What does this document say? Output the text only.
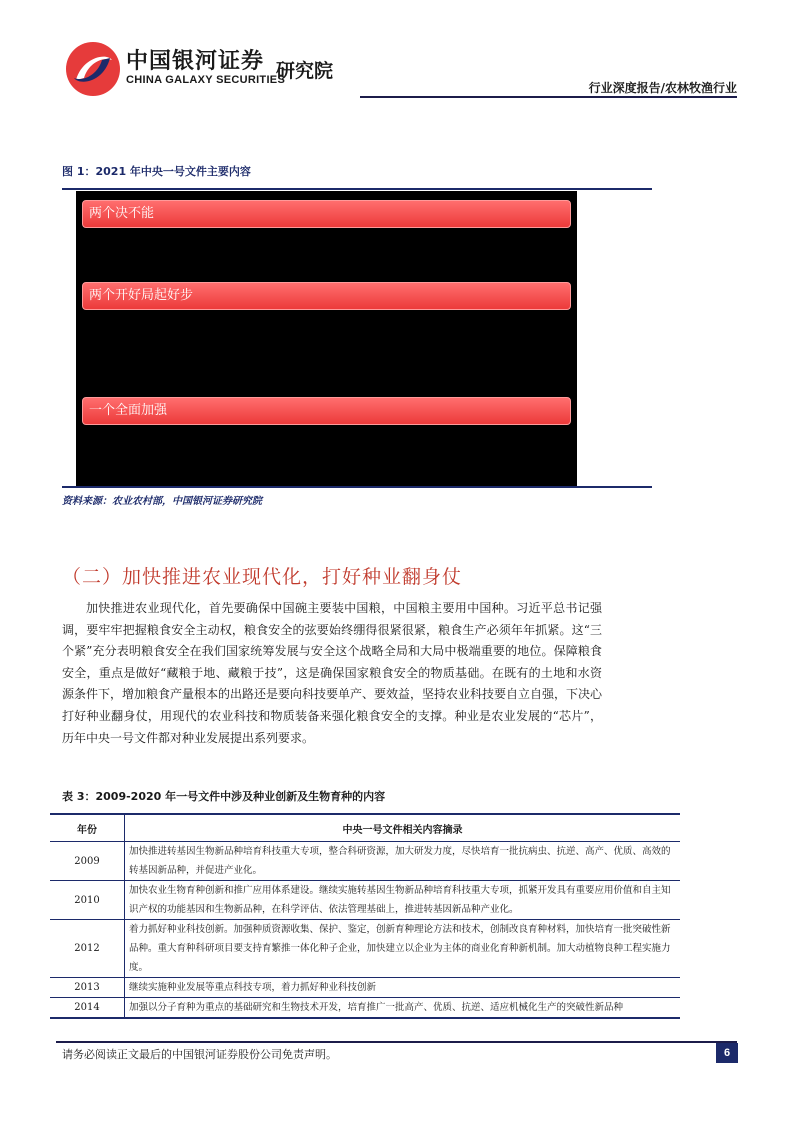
中国银河证券
CHINA GALAXY SECURITIES
研究院
行业深度报告/农林牧渔行业
图 1：2021 年中央一号文件主要内容
两个决不能
两个开好局起好步
一个全面加强
资料来源：农业农村部，中国银河证券研究院
（二）加快推进农业现代化，打好种业翻身仗
加快推进农业现代化，首先要确保中国碗主要装中国粮，中国粮主要用中国种。习近平总书记强调，要牢牢把握粮食安全主动权，粮食安全的弦要始终绷得很紧很紧，粮食生产必须年年抓紧。这“三个紧”充分表明粮食安全在我们国家统筹发展与安全这个战略全局和大局中极端重要的地位。保障粮食安全，重点是做好“藏粮于地、藏粮于技”，这是确保国家粮食安全的物质基础。在既有的土地和水资源条件下，增加粮食产量根本的出路还是要向科技要单产、要效益，坚持农业科技要自立自强，下决心打好种业翻身仗，用现代的农业科技和物质装备来强化粮食安全的支撑。种业是农业发展的“芯片”，历年中央一号文件都对种业发展提出系列要求。
表 3：2009-2020 年一号文件中涉及种业创新及生物育种的内容
年份	中央一号文件相关内容摘录
2009	加快推进转基因生物新品种培育科技重大专项，整合科研资源，加大研发力度，尽快培育一批抗病虫、抗逆、高产、优质、高效的转基因新品种，并促进产业化。
2010	加快农业生物育种创新和推广应用体系建设。继续实施转基因生物新品种培育科技重大专项，抓紧开发具有重要应用价值和自主知识产权的功能基因和生物新品种，在科学评估、依法管理基础上，推进转基因新品种产业化。
2012	着力抓好种业科技创新。加强种质资源收集、保护、鉴定，创新育种理论方法和技术，创制改良育种材料，加快培育一批突破性新品种。重大育种科研项目要支持育繁推一体化种子企业，加快建立以企业为主体的商业化育种新机制。加大动植物良种工程实施力度。
2013	继续实施种业发展等重点科技专项，着力抓好种业科技创新
2014	加强以分子育种为重点的基础研究和生物技术开发，培育推广一批高产、优质、抗逆、适应机械化生产的突破性新品种
请务必阅读正文最后的中国银河证券股份公司免责声明。	6
